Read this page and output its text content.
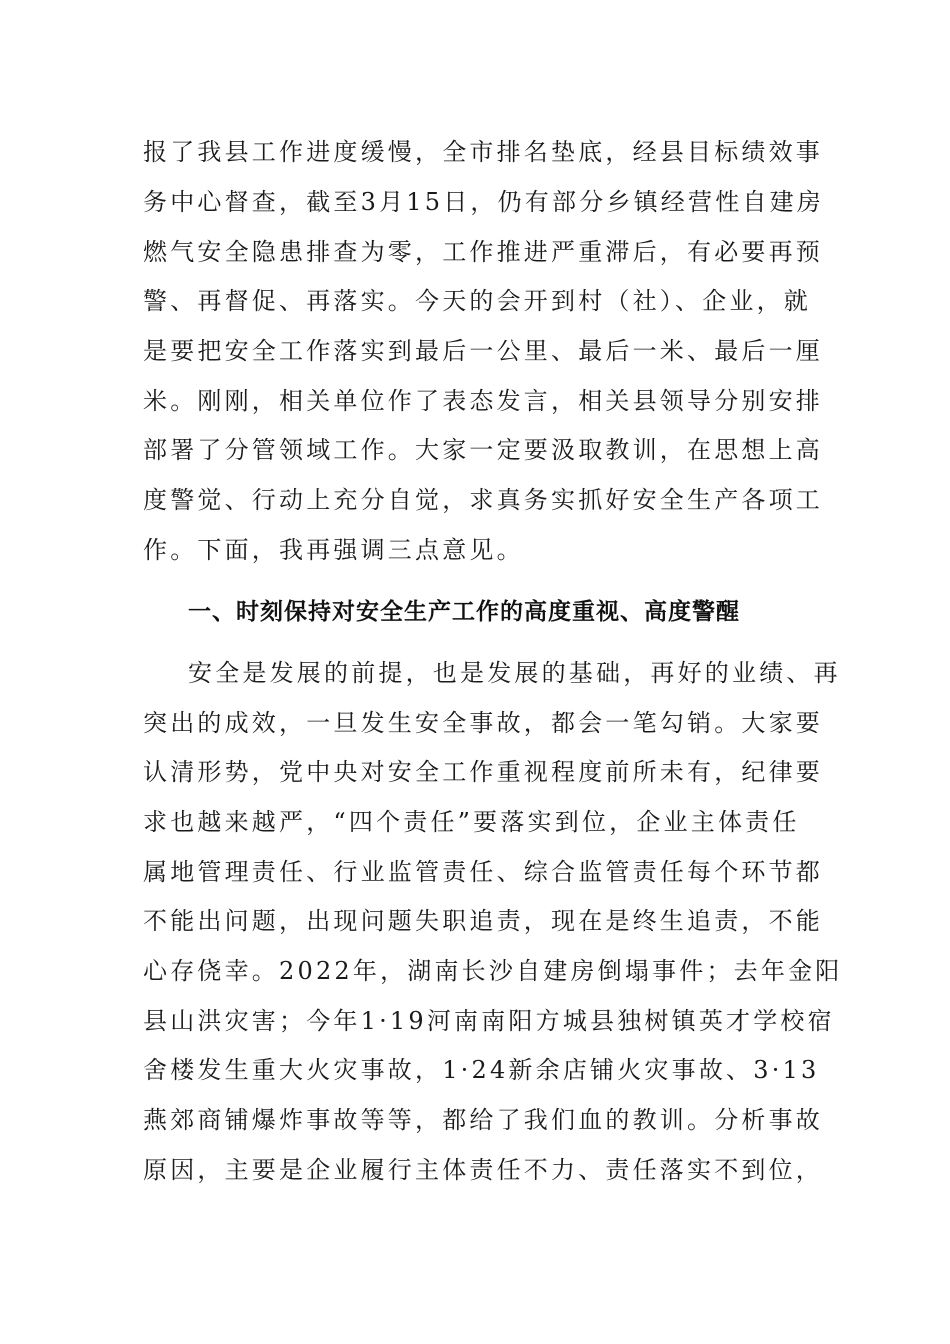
报了我县工作进度缓慢，全市排名垫底，经县目标绩效事
务中心督查，截至3月15日，仍有部分乡镇经营性自建房
燃气安全隐患排查为零，工作推进严重滞后，有必要再预
警、再督促、再落实。今天的会开到村（社）、企业，就
是要把安全工作落实到最后一公里、最后一米、最后一厘
米。刚刚，相关单位作了表态发言，相关县领导分别安排
部署了分管领域工作。大家一定要汲取教训，在思想上高
度警觉、行动上充分自觉，求真务实抓好安全生产各项工
作。下面，我再强调三点意见。
一、时刻保持对安全生产工作的高度重视、高度警醒
安全是发展的前提，也是发展的基础，再好的业绩、再
突出的成效，一旦发生安全事故，都会一笔勾销。大家要
认清形势，党中央对安全工作重视程度前所未有，纪律要
求也越来越严，“四个责任”要落实到位，企业主体责任
属地管理责任、行业监管责任、综合监管责任每个环节都
不能出问题，出现问题失职追责，现在是终生追责，不能
心存侥幸。2022年，湖南长沙自建房倒塌事件；去年金阳
县山洪灾害；今年1·19河南南阳方城县独树镇英才学校宿
舍楼发生重大火灾事故，1·24新余店铺火灾事故、3·13
燕郊商铺爆炸事故等等，都给了我们血的教训。分析事故
原因，主要是企业履行主体责任不力、责任落实不到位，
